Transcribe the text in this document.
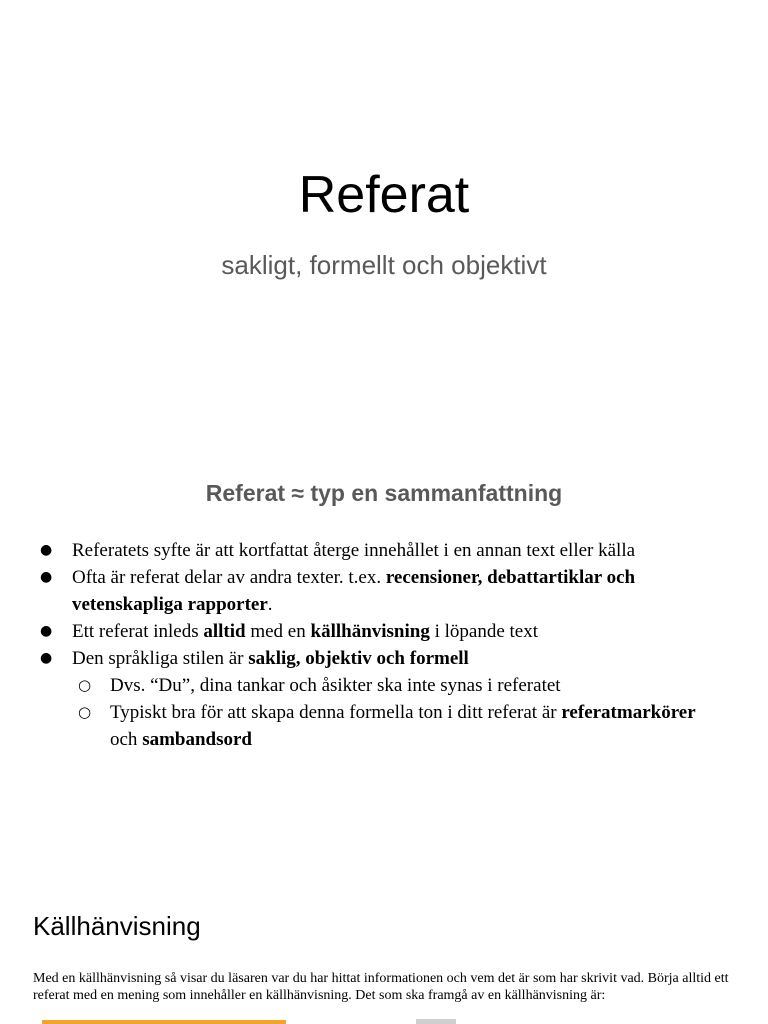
Referat
sakligt, formellt och objektivt
Referat ≈ typ en sammanfattning
● Referatets syfte är att kortfattat återge innehållet i en annan text eller källa
● Ofta är referat delar av andra texter. t.ex. recensioner, debattartiklar och vetenskapliga rapporter.
● Ett referat inleds alltid med en källhänvisning i löpande text
● Den språkliga stilen är saklig, objektiv och formell
○ Dvs. “Du”, dina tankar och åsikter ska inte synas i referatet
○ Typiskt bra för att skapa denna formella ton i ditt referat är referatmarkörer och sambandsord
Källhänvisning
Med en källhänvisning så visar du läsaren var du har hittat informationen och vem det är som har skrivit vad. Börja alltid ett referat med en mening som innehåller en källhänvisning. Det som ska framgå av en källhänvisning är:
